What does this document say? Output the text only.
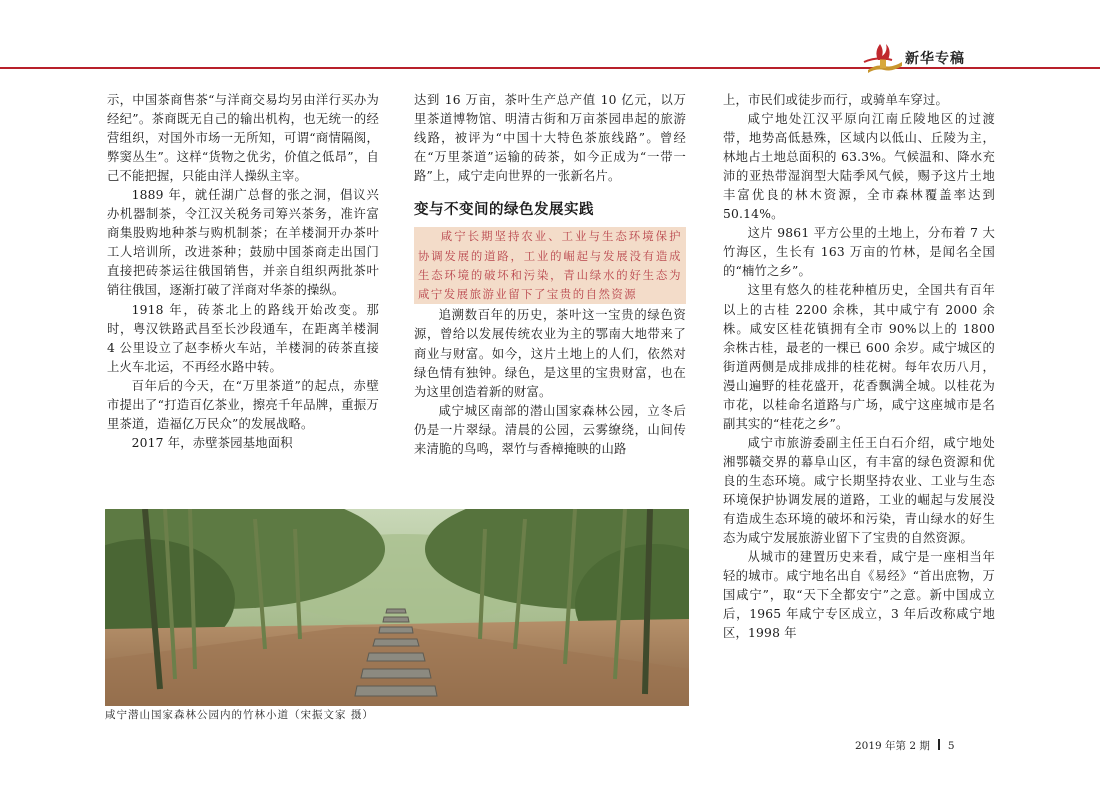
新华专稿

示，中国茶商售茶“与洋商交易均另由洋行买办为经纪”。茶商既无自己的输出机构，也无统一的经营组织，对国外市场一无所知，可谓“商情隔阂，弊窦丛生”。这样“货物之优劣，价值之低昂”，自己不能把握，只能由洋人操纵主宰。

1889 年，就任湖广总督的张之洞，倡议兴办机器制茶，令江汉关税务司筹兴茶务，准许富商集股购地种茶与购机制茶；在羊楼洞开办茶叶工人培训所，改进茶种；鼓励中国茶商走出国门直接把砖茶运往俄国销售，并亲自组织两批茶叶销往俄国，逐渐打破了洋商对华茶的操纵。

1918 年，砖茶北上的路线开始改变。那时，粤汉铁路武昌至长沙段通车，在距离羊楼洞 4 公里设立了赵李桥火车站，羊楼洞的砖茶直接上火车北运，不再经水路中转。

百年后的今天，在“万里茶道”的起点，赤壁市提出了“打造百亿茶业，擦亮千年品牌，重振万里茶道，造福亿万民众”的发展战略。

2017 年，赤壁茶园基地面积

达到 16 万亩，茶叶生产总产值 10 亿元，以万里茶道博物馆、明清古街和万亩茶园串起的旅游线路，被评为“中国十大特色茶旅线路”。曾经在“万里茶道”运输的砖茶，如今正成为“一带一路”上，咸宁走向世界的一张新名片。

变与不变间的绿色发展实践

咸宁长期坚持农业、工业与生态环境保护协调发展的道路，工业的崛起与发展没有造成生态环境的破坏和污染，青山绿水的好生态为咸宁发展旅游业留下了宝贵的自然资源

追溯数百年的历史，茶叶这一宝贵的绿色资源，曾给以发展传统农业为主的鄂南大地带来了商业与财富。如今，这片土地上的人们，依然对绿色情有独钟。绿色，是这里的宝贵财富，也在为这里创造着新的财富。

咸宁城区南部的潜山国家森林公园，立冬后仍是一片翠绿。清晨的公园，云雾缭绕，山间传来清脆的鸟鸣，翠竹与香樟掩映的山路

上，市民们或徒步而行，或骑单车穿过。

咸宁地处江汉平原向江南丘陵地区的过渡带，地势高低悬殊，区域内以低山、丘陵为主，林地占土地总面积的 63.3%。气候温和、降水充沛的亚热带湿润型大陆季风气候，赐予这片土地丰富优良的林木资源，全市森林覆盖率达到 50.14%。

这片 9861 平方公里的土地上，分布着 7 大竹海区，生长有 163 万亩的竹林，是闻名全国的“楠竹之乡”。

这里有悠久的桂花种植历史，全国共有百年以上的古桂 2200 余株，其中咸宁有 2000 余株。咸安区桂花镇拥有全市 90%以上的 1800 余株古桂，最老的一棵已 600 余岁。咸宁城区的街道两侧是成排成排的桂花树。每年农历八月，漫山遍野的桂花盛开，花香飘满全城。以桂花为市花，以桂命名道路与广场，咸宁这座城市是名副其实的“桂花之乡”。

咸宁市旅游委副主任王白石介绍，咸宁地处湘鄂赣交界的幕阜山区，有丰富的绿色资源和优良的生态环境。咸宁长期坚持农业、工业与生态环境保护协调发展的道路，工业的崛起与发展没有造成生态环境的破坏和污染，青山绿水的好生态为咸宁发展旅游业留下了宝贵的自然资源。

从城市的建置历史来看，咸宁是一座相当年轻的城市。咸宁地名出自《易经》“首出庶物，万国咸宁”，取“天下全都安宁”之意。新中国成立后，1965 年咸宁专区成立，3 年后改称咸宁地区，1998 年

咸宁潜山国家森林公园内的竹林小道（宋振文家 摄）
2019 年第 2 期 5
